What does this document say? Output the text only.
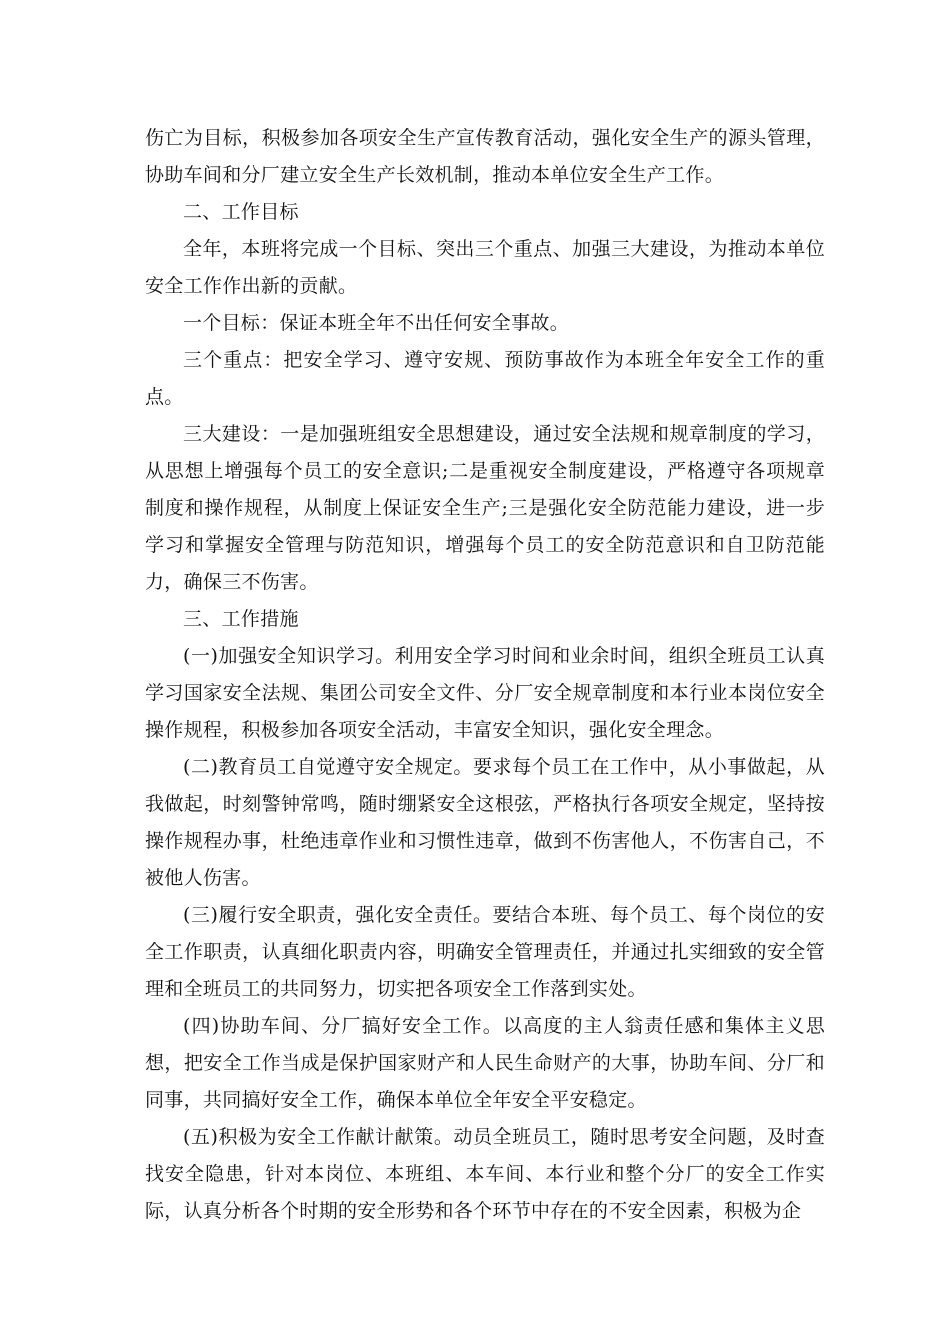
伤亡为目标，积极参加各项安全生产宣传教育活动，强化安全生产的源头管理，协助车间和分厂建立安全生产长效机制，推动本单位安全生产工作。

二、工作目标

全年，本班将完成一个目标、突出三个重点、加强三大建设，为推动本单位安全工作作出新的贡献。

一个目标：保证本班全年不出任何安全事故。

三个重点：把安全学习、遵守安规、预防事故作为本班全年安全工作的重点。

三大建设：一是加强班组安全思想建设，通过安全法规和规章制度的学习，从思想上增强每个员工的安全意识;二是重视安全制度建设，严格遵守各项规章制度和操作规程，从制度上保证安全生产;三是强化安全防范能力建设，进一步学习和掌握安全管理与防范知识，增强每个员工的安全防范意识和自卫防范能力，确保三不伤害。

三、工作措施

(一)加强安全知识学习。利用安全学习时间和业余时间，组织全班员工认真学习国家安全法规、集团公司安全文件、分厂安全规章制度和本行业本岗位安全操作规程，积极参加各项安全活动，丰富安全知识，强化安全理念。

(二)教育员工自觉遵守安全规定。要求每个员工在工作中，从小事做起，从我做起，时刻警钟常鸣，随时绷紧安全这根弦，严格执行各项安全规定，坚持按操作规程办事，杜绝违章作业和习惯性违章，做到不伤害他人，不伤害自己，不被他人伤害。

(三)履行安全职责，强化安全责任。要结合本班、每个员工、每个岗位的安全工作职责，认真细化职责内容，明确安全管理责任，并通过扎实细致的安全管理和全班员工的共同努力，切实把各项安全工作落到实处。

(四)协助车间、分厂搞好安全工作。以高度的主人翁责任感和集体主义思想，把安全工作当成是保护国家财产和人民生命财产的大事，协助车间、分厂和同事，共同搞好安全工作，确保本单位全年安全平安稳定。

(五)积极为安全工作献计献策。动员全班员工，随时思考安全问题，及时查找安全隐患，针对本岗位、本班组、本车间、本行业和整个分厂的安全工作实际，认真分析各个时期的安全形势和各个环节中存在的不安全因素，积极为企
